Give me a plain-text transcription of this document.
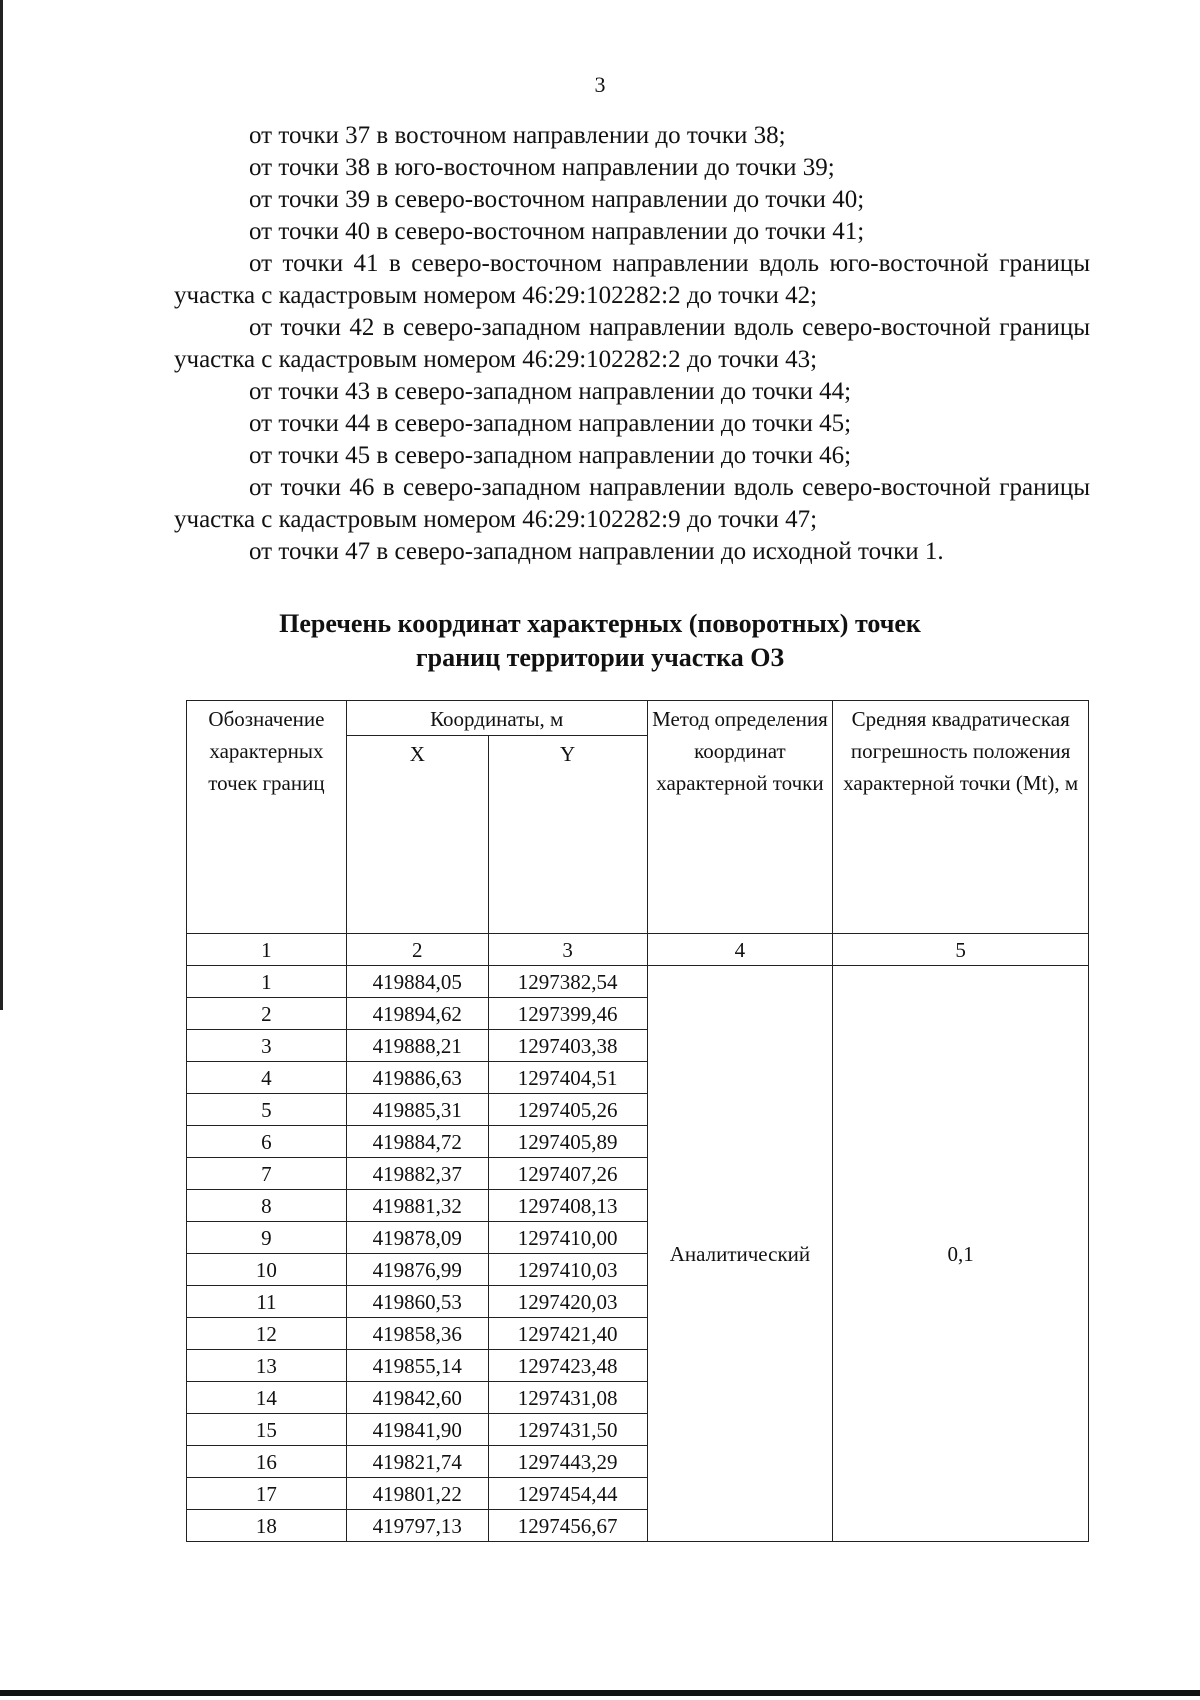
3

от точки 37 в восточном направлении до точки 38;

от точки 38 в юго-восточном направлении до точки 39;

от точки 39 в северо-восточном направлении до точки 40;

от точки 40 в северо-восточном направлении до точки 41;

от точки 41 в северо-восточном направлении вдоль юго-восточной границы участка с кадастровым номером 46:29:102282:2 до точки 42;

от точки 42 в северо-западном направлении вдоль северо-восточной границы участка с кадастровым номером 46:29:102282:2 до точки 43;

от точки 43 в северо-западном направлении до точки 44;

от точки 44 в северо-западном направлении до точки 45;

от точки 45 в северо-западном направлении до точки 46;

от точки 46 в северо-западном направлении вдоль северо-восточной границы участка с кадастровым номером 46:29:102282:9 до точки 47;

от точки 47 в северо-западном направлении до исходной точки 1.

Перечень координат характерных (поворотных) точек
границ территории участка ОЗ
Обозначение характерных точек границ	Координаты, м		Метод определения координат характерной точки	Средняя квадратическая погрешность положения характерной точки (Mt), м
	X	Y		
1	2	3	4	5
1	419884,05	1297382,54	Аналитический	0,1
2	419894,62	1297399,46		
3	419888,21	1297403,38		
4	419886,63	1297404,51		
5	419885,31	1297405,26		
6	419884,72	1297405,89		
7	419882,37	1297407,26		
8	419881,32	1297408,13		
9	419878,09	1297410,00		
10	419876,99	1297410,03		
11	419860,53	1297420,03		
12	419858,36	1297421,40		
13	419855,14	1297423,48		
14	419842,60	1297431,08		
15	419841,90	1297431,50		
16	419821,74	1297443,29		
17	419801,22	1297454,44		
18	419797,13	1297456,67		
